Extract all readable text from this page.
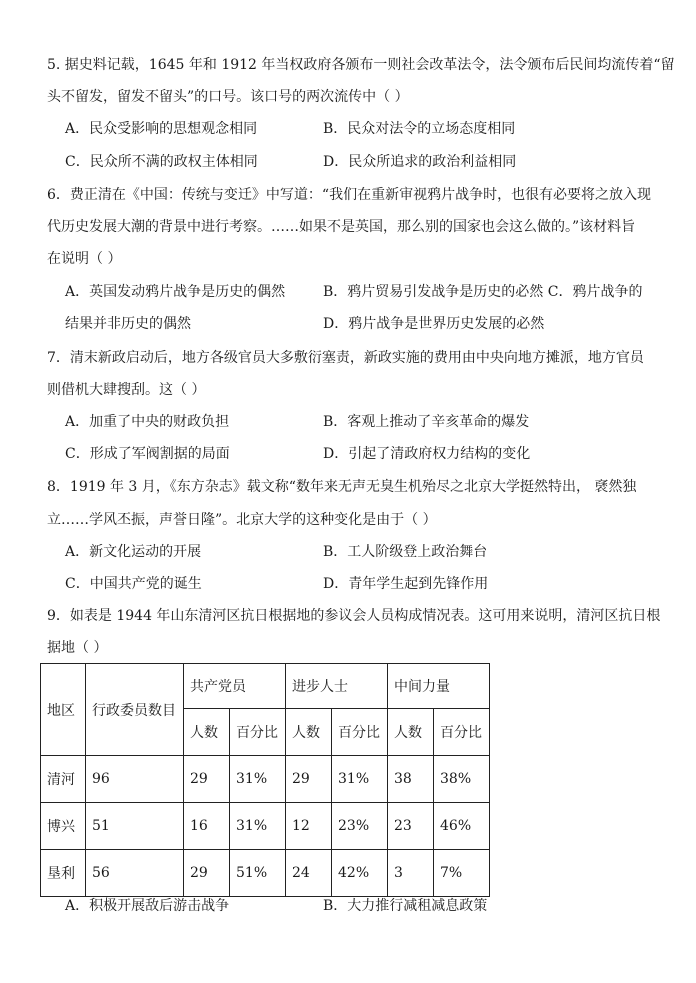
5. 据史料记载，1645 年和 1912 年当权政府各颁布一则社会改革法令，法令颁布后民间均流传着“留
头不留发，留发不留头”的口号。该口号的两次流传中（ ）
A．民众受影响的思想观念相同	B．民众对法令的立场态度相同
C．民众所不满的政权主体相同	D．民众所追求的政治利益相同
6．费正清在《中国：传统与变迁》中写道：“我们在重新审视鸦片战争时，也很有必要将之放入现
代历史发展大潮的背景中进行考察。……如果不是英国，那么别的国家也会这么做的。”该材料旨
在说明（ ）
A．英国发动鸦片战争是历史的偶然	B．鸦片贸易引发战争是历史的必然 C．鸦片战争的
结果并非历史的偶然	D．鸦片战争是世界历史发展的必然
7．清末新政启动后，地方各级官员大多敷衍塞责，新政实施的费用由中央向地方摊派，地方官员
则借机大肆搜刮。这（ ）
A．加重了中央的财政负担	B．客观上推动了辛亥革命的爆发
C．形成了军阀割据的局面	D．引起了清政府权力结构的变化
8．1919 年 3 月，《东方杂志》载文称“数年来无声无臭生机殆尽之北京大学挺然特出， 褎然独
立……学风丕振，声誉日隆”。北京大学的这种变化是由于（ ）
A．新文化运动的开展	B．工人阶级登上政治舞台
C．中国共产党的诞生	D．青年学生起到先锋作用
9．如表是 1944 年山东清河区抗日根据地的参议会人员构成情况表。这可用来说明，清河区抗日根
据地（ ）
地区	行政委员数目	共产党员		进步人士		中间力量	
		人数	百分比	人数	百分比	人数	百分比
清河	96	29	31%	29	31%	38	38%
博兴	51	16	31%	12	23%	23	46%
垦利	56	29	51%	24	42%	3	7%
A．积极开展敌后游击战争	B．大力推行减租减息政策
